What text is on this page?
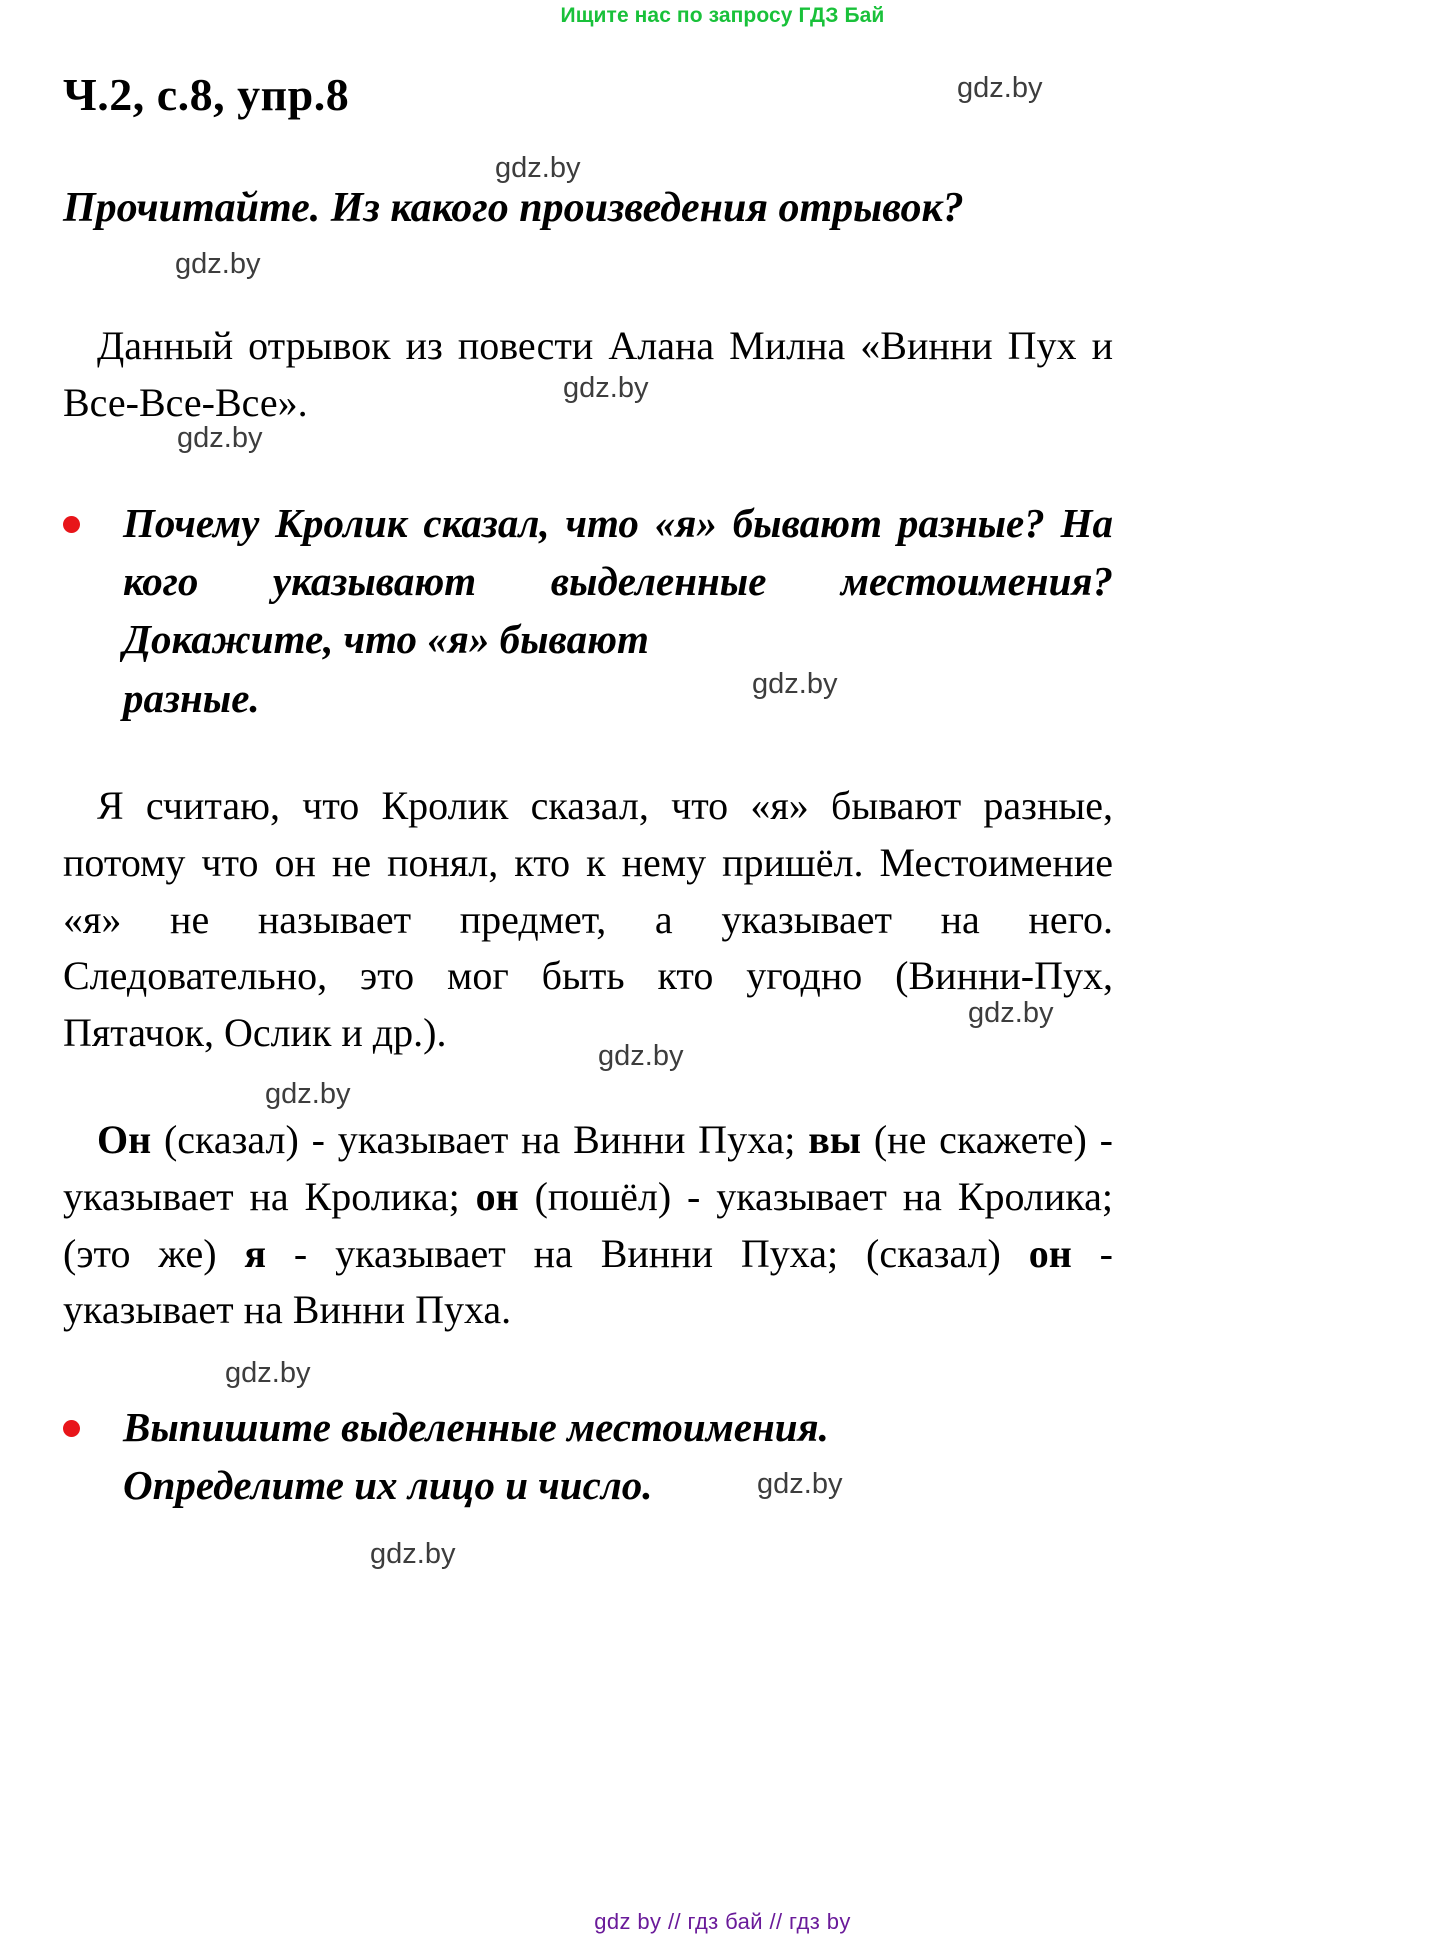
Ищите нас по запросу ГДЗ Бай
Ч.2, с.8, упр.8
Прочитайте. Из какого произведения отрывок?
Данный отрывок из повести Алана Милна «Винни Пух и Все-Все-Все».
Почему Кролик сказал, что «я» бывают разные? На кого указывают выделенные местоимения? Докажите, что «я» бывают
разные.
Я считаю, что Кролик сказал, что «я» бывают разные, потому что он не понял, кто к нему пришёл. Местоимение «я» не называет предмет, а указывает на него. Следовательно, это мог быть кто угодно (Винни-Пух, Пятачок, Ослик и др.).
Он (сказал) - указывает на Винни Пуха; вы (не скажете) - указывает на Кролика; он (пошёл) - указывает на Кролика; (это же) я - указывает на Винни Пуха; (сказал) он - указывает на Винни Пуха.
Выпишите выделенные местоимения.
Определите их лицо и число.
gdz.by
gdz.by
gdz.by
gdz.by
gdz.by
gdz.by
gdz.by
gdz.by
gdz.by
gdz.by
gdz.by
gdz.by
gdz by // гдз бай // гдз by
